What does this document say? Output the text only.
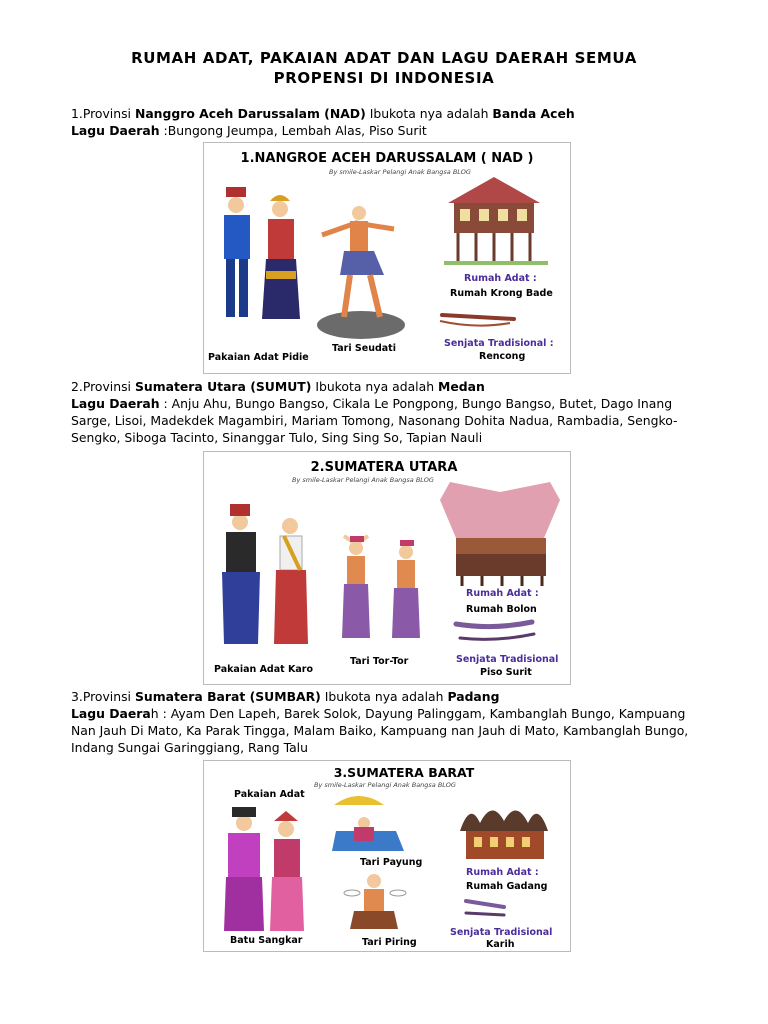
RUMAH ADAT, PAKAIAN ADAT DAN LAGU DAERAH SEMUA
PROPENSI DI INDONESIA
1.Provinsi Nanggro Aceh Darussalam (NAD) Ibukota nya adalah Banda Aceh
Lagu Daerah :Bungong Jeumpa, Lembah Alas, Piso Surit
1.NANGROE ACEH DARUSSALAM ( NAD )
By smile-Laskar Pelangi Anak Bangsa BLOG
Pakaian Adat Pidie
Tari Seudati
Rumah Adat :
Rumah Krong Bade
Senjata Tradisional :
Rencong
2.Provinsi Sumatera Utara (SUMUT) Ibukota nya adalah Medan
Lagu Daerah : Anju Ahu, Bungo Bangso, Cikala Le Pongpong, Bungo Bangso, Butet, Dago Inang Sarge, Lisoi, Madekdek Magambiri, Mariam Tomong, Nasonang Dohita Nadua, Rambadia, Sengko-Sengko, Siboga Tacinto, Sinanggar Tulo, Sing Sing So, Tapian Nauli
2.SUMATERA UTARA
By smile-Laskar Pelangi Anak Bangsa BLOG
Pakaian Adat Karo
Tari Tor-Tor
Rumah Adat :
Rumah Bolon
Senjata Tradisional
Piso Surit
3.Provinsi Sumatera Barat (SUMBAR) Ibukota nya adalah Padang
Lagu Daerah : Ayam Den Lapeh, Barek Solok, Dayung Palinggam, Kambanglah Bungo, Kampuang Nan Jauh Di Mato, Ka Parak Tingga, Malam Baiko, Kampuang nan Jauh di Mato, Kambanglah Bungo, Indang Sungai Garinggiang, Rang Talu
3.SUMATERA BARAT
By smile-Laskar Pelangi Anak Bangsa BLOG
Pakaian Adat
Batu Sangkar
Tari Payung
Tari Piring
Rumah Adat :
Rumah Gadang
Senjata Tradisional
Karih
